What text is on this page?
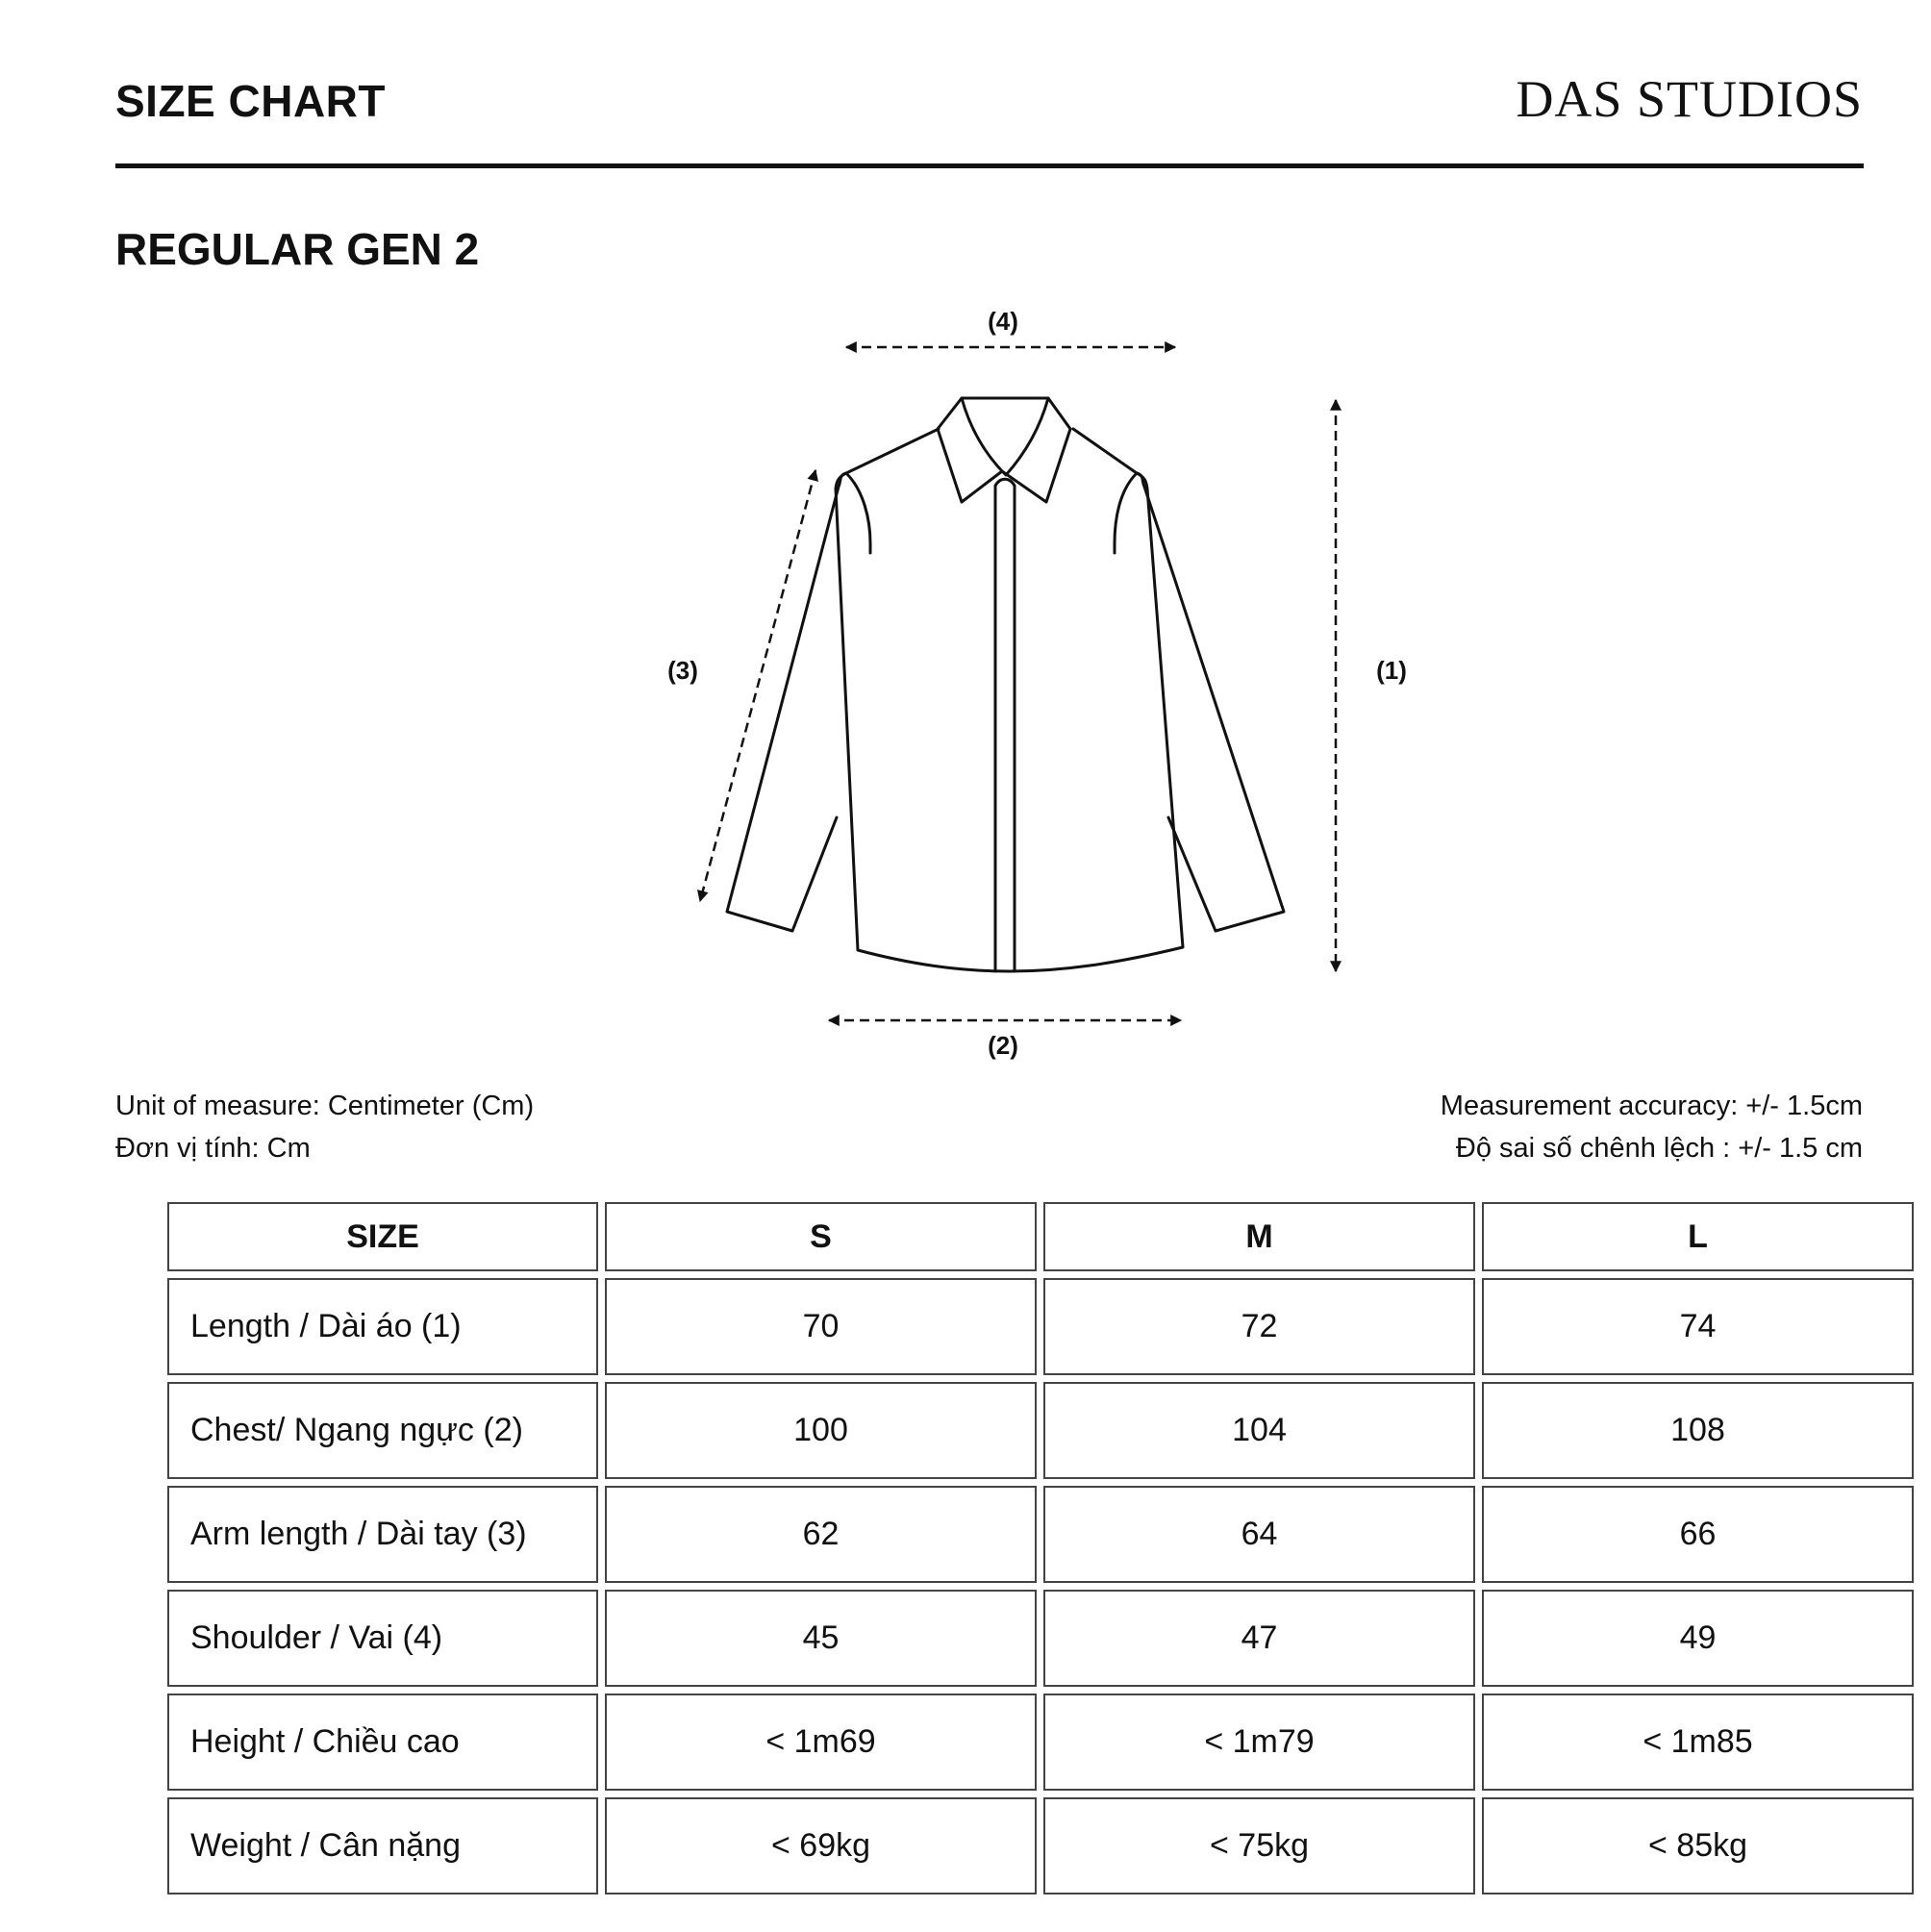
SIZE CHART	DAS STUDIOS
REGULAR GEN 2
(4)
(2)
(1)
(3)
Unit of measure: Centimeter (Cm)
Đơn vị tính: Cm
Measurement accuracy: +/- 1.5cm
Độ sai số chênh lệch : +/- 1.5 cm
SIZE	S	M	L
Length / Dài áo (1)	70	72	74
Chest/ Ngang ngực (2)	100	104	108
Arm length / Dài tay (3)	62	64	66
Shoulder / Vai (4)	45	47	49
Height / Chiều cao	< 1m69	< 1m79	< 1m85
Weight / Cân nặng	< 69kg	< 75kg	< 85kg
